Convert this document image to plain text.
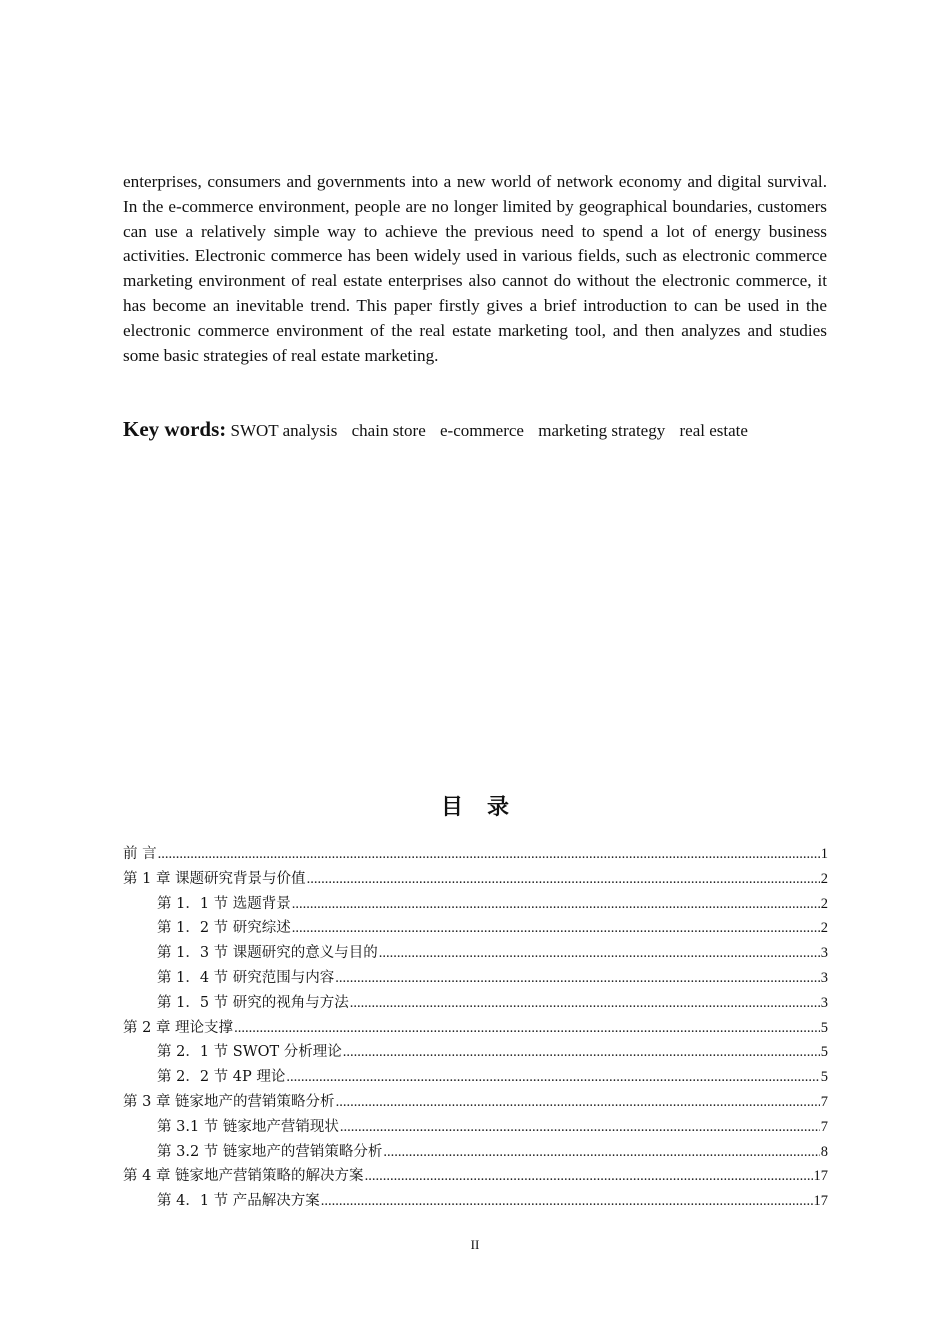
enterprises, consumers and governments into a new world of network economy and digital survival. In the e-commerce environment, people are no longer limited by geographical boundaries, customers can use a relatively simple way to achieve the previous need to spend a lot of energy business activities. Electronic commerce has been widely used in various fields, such as electronic commerce marketing environment of real estate enterprises also cannot do without the electronic commerce, it has become an inevitable trend. This paper firstly gives a brief introduction to can be used in the electronic commerce environment of the real estate marketing tool, and then analyzes and studies some basic strategies of real estate marketing.

Key words: SWOT analysis chain store e-commerce marketing strategy real estate
目录
前 言 .....	1
第 1 章 课题研究背景与价值 .....	2
第 1．1 节 选题背景 .....	2
第 1．2 节 研究综述 .....	2
第 1．3 节 课题研究的意义与目的 .....	3
第 1．4 节 研究范围与内容 .....	3
第 1．5 节 研究的视角与方法 .....	3
第 2 章 理论支撑 .....	5
第 2．1 节 SWOT 分析理论 .....	5
第 2．2 节 4P 理论 .....	5
第 3 章 链家地产的营销策略分析 .....	7
第 3.1 节 链家地产营销现状 .....	7
第 3.2 节 链家地产的营销策略分析 .....	8
第 4 章 链家地产营销策略的解决方案 .....	17
第 4．1 节 产品解决方案 .....	17
II
